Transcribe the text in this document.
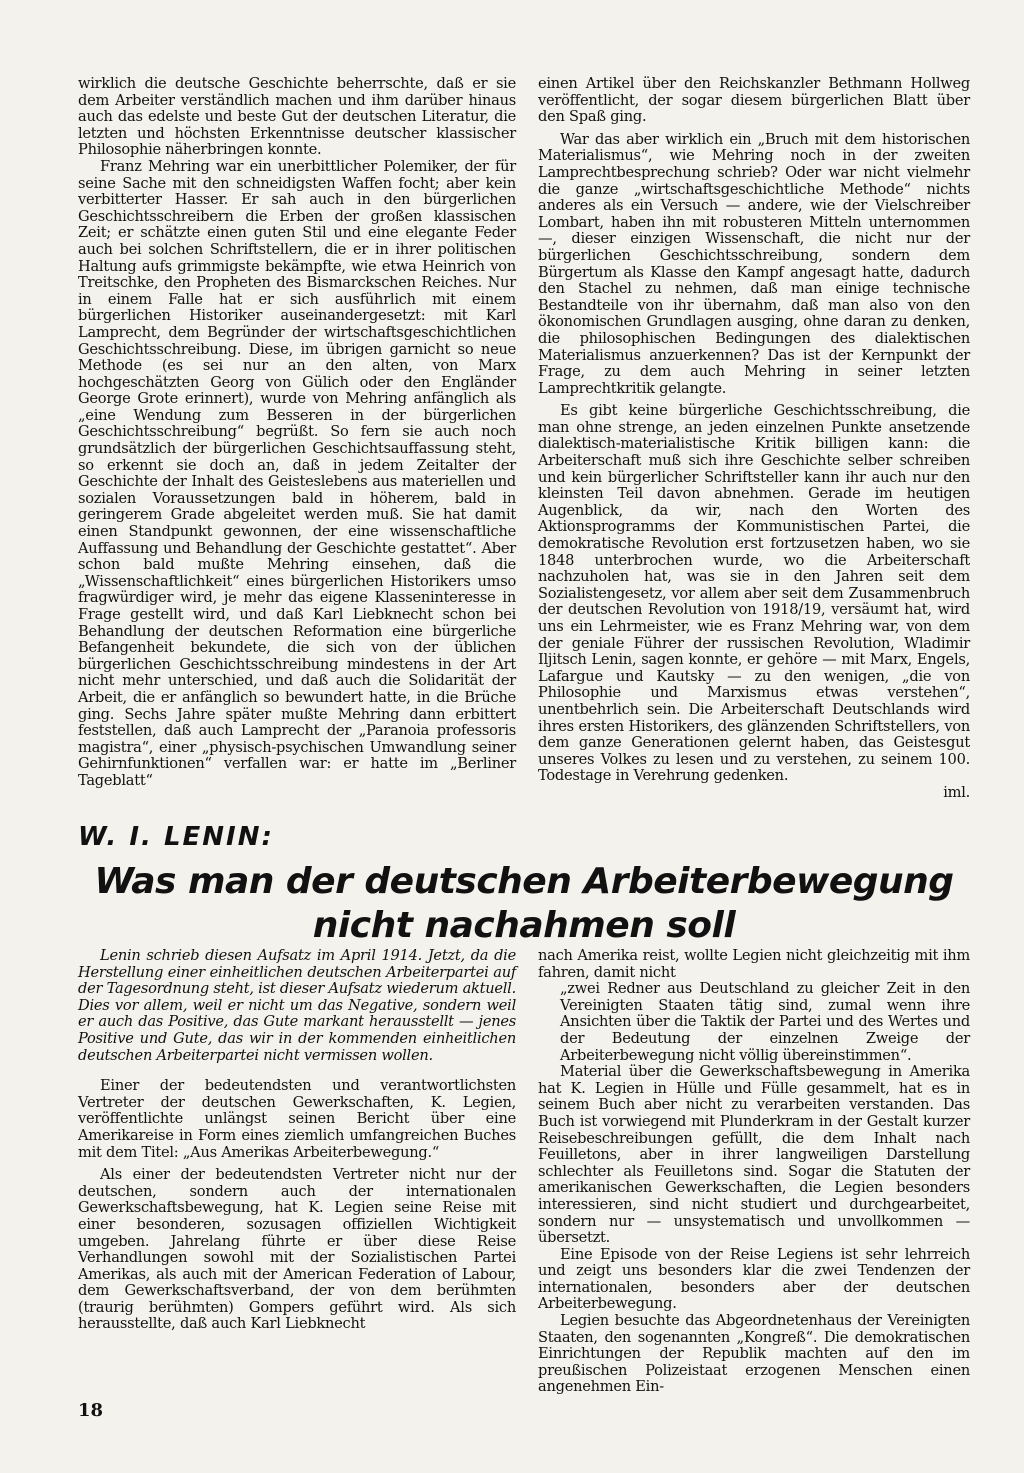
wirklich die deutsche Geschichte beherrschte, daß er sie dem Arbeiter verständlich machen und ihm darüber hinaus auch das edelste und beste Gut der deutschen Literatur, die letzten und höchsten Erkenntnisse deutscher klassischer Philosophie näherbringen konnte.

Franz Mehring war ein unerbittlicher Polemiker, der für seine Sache mit den schneidigsten Waffen focht; aber kein verbitterter Hasser. Er sah auch in den bürgerlichen Geschichtsschreibern die Erben der großen klassischen Zeit; er schätzte einen guten Stil und eine elegante Feder auch bei solchen Schriftstellern, die er in ihrer politischen Haltung aufs grimmigste bekämpfte, wie etwa Heinrich von Treitschke, den Propheten des Bismarckschen Reiches. Nur in einem Falle hat er sich ausführlich mit einem bürgerlichen Historiker auseinandergesetzt: mit Karl Lamprecht, dem Begründer der wirtschaftsgeschichtlichen Geschichtsschreibung. Diese, im übrigen garnicht so neue Methode (es sei nur an den alten, von Marx hochgeschätzten Georg von Gülich oder den Engländer George Grote erinnert), wurde von Mehring anfänglich als „eine Wendung zum Besseren in der bürgerlichen Geschichtsschreibung“ begrüßt. So fern sie auch noch grundsätzlich der bürgerlichen Geschichtsauffassung steht, so erkennt sie doch an, daß in jedem Zeitalter der Geschichte der Inhalt des Geisteslebens aus materiellen und sozialen Voraussetzungen bald in höherem, bald in geringerem Grade abgeleitet werden muß. Sie hat damit einen Standpunkt gewonnen, der eine wissenschaftliche Auffassung und Behandlung der Geschichte gestattet“. Aber schon bald mußte Mehring einsehen, daß die „Wissenschaftlichkeit“ eines bürgerlichen Historikers umso fragwürdiger wird, je mehr das eigene Klasseninteresse in Frage gestellt wird, und daß Karl Liebknecht schon bei Behandlung der deutschen Reformation eine bürgerliche Befangenheit bekundete, die sich von der üblichen bürgerlichen Geschichtsschreibung mindestens in der Art nicht mehr unterschied, und daß auch die Solidarität der Arbeit, die er anfänglich so bewundert hatte, in die Brüche ging. Sechs Jahre später mußte Mehring dann erbittert feststellen, daß auch Lamprecht der „Paranoia professoris magistra“, einer „physisch-psychischen Umwandlung seiner Gehirnfunktionen“ verfallen war: er hatte im „Berliner Tageblatt“

einen Artikel über den Reichskanzler Bethmann Hollweg veröffentlicht, der sogar diesem bürgerlichen Blatt über den Spaß ging.

War das aber wirklich ein „Bruch mit dem historischen Materialismus“, wie Mehring noch in der zweiten Lamprechtbesprechung schrieb? Oder war nicht vielmehr die ganze „wirtschaftsgeschichtliche Methode“ nichts anderes als ein Versuch — andere, wie der Vielschreiber Lombart, haben ihn mit robusteren Mitteln unternommen —, dieser einzigen Wissenschaft, die nicht nur der bürgerlichen Geschichtsschreibung, sondern dem Bürgertum als Klasse den Kampf angesagt hatte, dadurch den Stachel zu nehmen, daß man einige technische Bestandteile von ihr übernahm, daß man also von den ökonomischen Grundlagen ausging, ohne daran zu denken, die philosophischen Bedingungen des dialektischen Materialismus anzuerkennen? Das ist der Kernpunkt der Frage, zu dem auch Mehring in seiner letzten Lamprechtkritik gelangte.

Es gibt keine bürgerliche Geschichtsschreibung, die man ohne strenge, an jeden einzelnen Punkte ansetzende dialektisch-materialistische Kritik billigen kann: die Arbeiterschaft muß sich ihre Geschichte selber schreiben und kein bürgerlicher Schriftsteller kann ihr auch nur den kleinsten Teil davon abnehmen. Gerade im heutigen Augenblick, da wir, nach den Worten des Aktionsprogramms der Kommunistischen Partei, die demokratische Revolution erst fortzusetzen haben, wo sie 1848 unterbrochen wurde, wo die Arbeiterschaft nachzuholen hat, was sie in den Jahren seit dem Sozialistengesetz, vor allem aber seit dem Zusammenbruch der deutschen Revolution von 1918/19, versäumt hat, wird uns ein Lehrmeister, wie es Franz Mehring war, von dem der geniale Führer der russischen Revolution, Wladimir Iljitsch Lenin, sagen konnte, er gehöre — mit Marx, Engels, Lafargue und Kautsky — zu den wenigen, „die von Philosophie und Marxismus etwas verstehen“, unentbehrlich sein. Die Arbeiterschaft Deutschlands wird ihres ersten Historikers, des glänzenden Schriftstellers, von dem ganze Generationen gelernt haben, das Geistesgut unseres Volkes zu lesen und zu verstehen, zu seinem 100. Todestage in Verehrung gedenken.

iml.
W. I. LENIN:
Was man der deutschen Arbeiterbewegung
nicht nachahmen soll

Lenin schrieb diesen Aufsatz im April 1914. Jetzt, da die Herstellung einer einheitlichen deutschen Arbeiterpartei auf der Tagesordnung steht, ist dieser Aufsatz wiederum aktuell. Dies vor allem, weil er nicht um das Negative, sondern weil er auch das Positive, das Gute markant herausstellt — jenes Positive und Gute, das wir in der kommenden einheitlichen deutschen Arbeiterpartei nicht vermissen wollen.

Einer der bedeutendsten und verantwortlichsten Vertreter der deutschen Gewerkschaften, K. Legien, veröffentlichte unlängst seinen Bericht über eine Amerikareise in Form eines ziemlich umfangreichen Buches mit dem Titel: „Aus Amerikas Arbeiterbewegung.“

Als einer der bedeutendsten Vertreter nicht nur der deutschen, sondern auch der internationalen Gewerkschaftsbewegung, hat K. Legien seine Reise mit einer besonderen, sozusagen offiziellen Wichtigkeit umgeben. Jahrelang führte er über diese Reise Verhandlungen sowohl mit der Sozialistischen Partei Amerikas, als auch mit der American Federation of Labour, dem Gewerkschaftsverband, der von dem berühmten (traurig berühmten) Gompers geführt wird. Als sich herausstellte, daß auch Karl Liebknecht

nach Amerika reist, wollte Legien nicht gleichzeitig mit ihm fahren, damit nicht

„zwei Redner aus Deutschland zu gleicher Zeit in den Vereinigten Staaten tätig sind, zumal wenn ihre Ansichten über die Taktik der Partei und des Wertes und der Bedeutung der einzelnen Zweige der Arbeiterbewegung nicht völlig übereinstimmen“.

Material über die Gewerkschaftsbewegung in Amerika hat K. Legien in Hülle und Fülle gesammelt, hat es in seinem Buch aber nicht zu verarbeiten verstanden. Das Buch ist vorwiegend mit Plunderkram in der Gestalt kurzer Reisebeschreibungen gefüllt, die dem Inhalt nach Feuilletons, aber in ihrer langweiligen Darstellung schlechter als Feuilletons sind. Sogar die Statuten der amerikanischen Gewerkschaften, die Legien besonders interessieren, sind nicht studiert und durchgearbeitet, sondern nur — unsystematisch und unvollkommen — übersetzt.

Eine Episode von der Reise Legiens ist sehr lehrreich und zeigt uns besonders klar die zwei Tendenzen der internationalen, besonders aber der deutschen Arbeiterbewegung.

Legien besuchte das Abgeordnetenhaus der Vereinigten Staaten, den sogenannten „Kongreß“. Die demokratischen Einrichtungen der Republik machten auf den im preußischen Polizeistaat erzogenen Menschen einen angenehmen Ein-

18
